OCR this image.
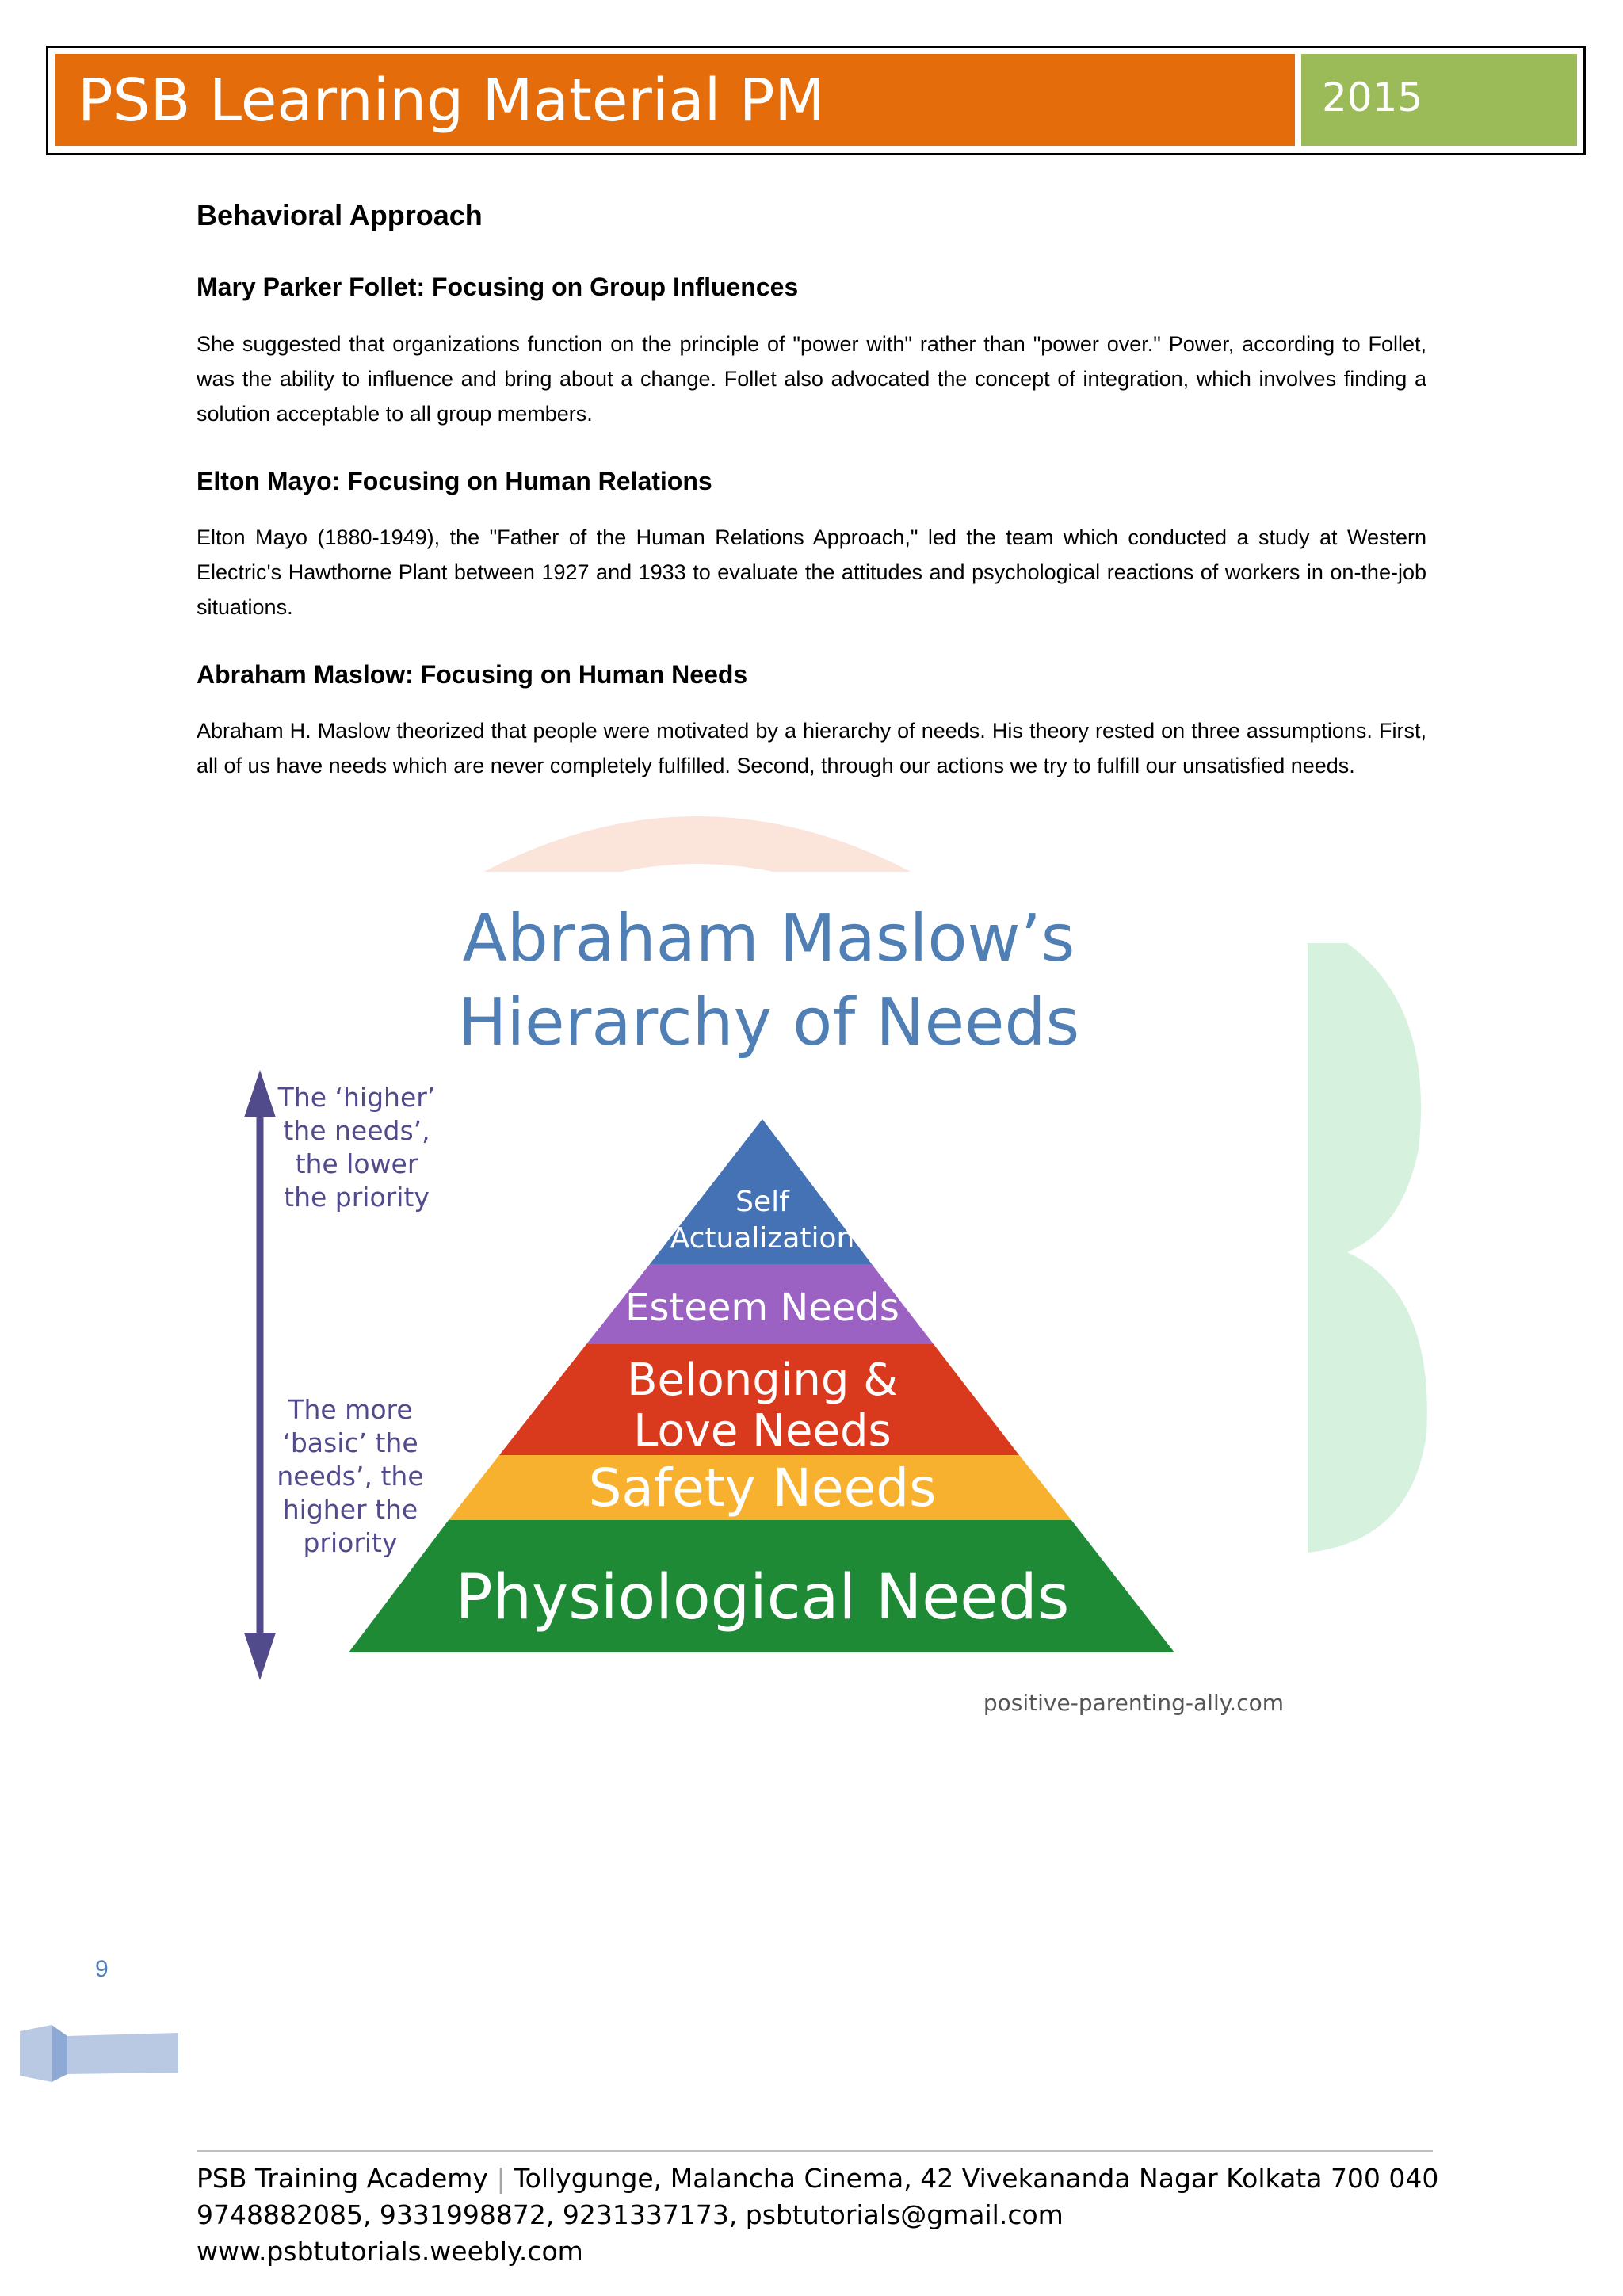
PSB Learning Material PM	2015
Behavioral Approach
Mary Parker Follet: Focusing on Group Influences

She suggested that organizations function on the principle of "power with" rather than "power over." Power, according to Follet, was the ability to influence and bring about a change. Follet also advocated the concept of integration, which involves finding a solution acceptable to all group members.

Elton Mayo: Focusing on Human Relations

Elton Mayo (1880-1949), the "Father of the Human Relations Approach," led the team which conducted a study at Western Electric's Hawthorne Plant between 1927 and 1933 to evaluate the attitudes and psychological reactions of workers in on-the-job situations.

Abraham Maslow: Focusing on Human Needs

Abraham H. Maslow theorized that people were motivated by a hierarchy of needs. His theory rested on three assumptions. First, all of us have needs which are never completely fulfilled. Second, through our actions we try to fulfill our unsatisfied needs.

Abraham Maslow’s
Hierarchy of Needs
The ‘higher’
the needs’,
the lower
the priority
The more
‘basic’ the
needs’, the
higher the
priority
Self
Actualization
Esteem Needs
Belonging &
Love Needs
Safety Needs
Physiological Needs
positive-parenting-ally.com
9
PSB Training Academy | Tollygunge, Malancha Cinema, 42 Vivekananda Nagar Kolkata 700 040
9748882085, 9331998872, 9231337173, psbtutorials@gmail.com
www.psbtutorials.weebly.com
